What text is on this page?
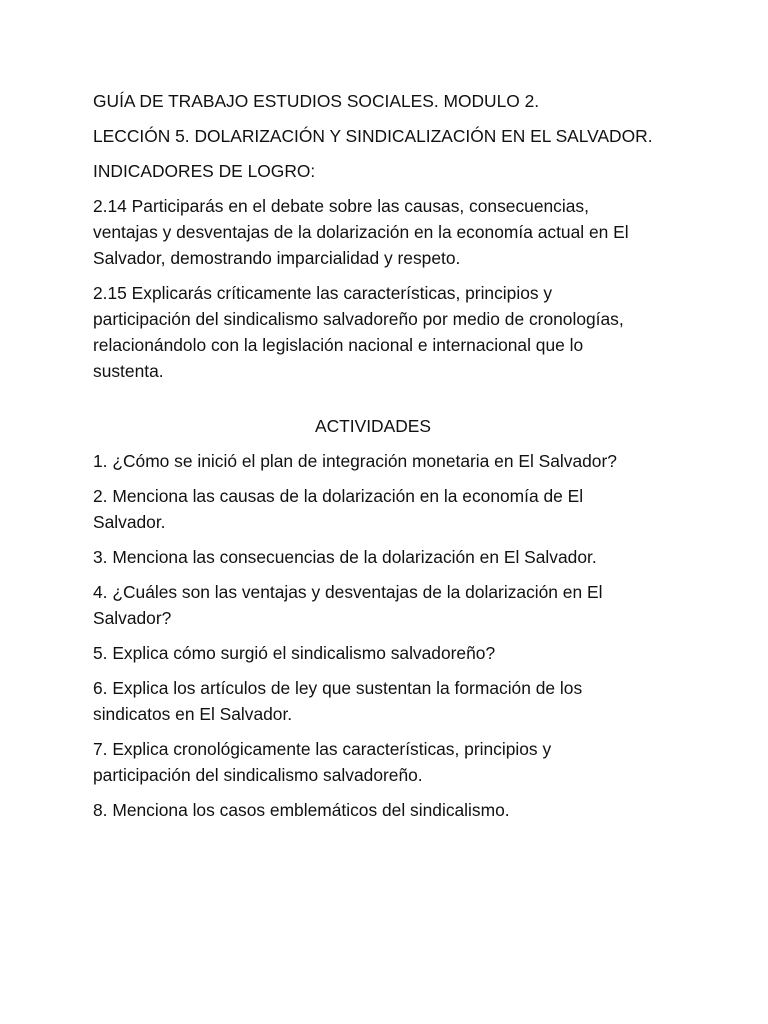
GUÍA DE TRABAJO ESTUDIOS SOCIALES. MODULO 2.

LECCIÓN 5. DOLARIZACIÓN Y SINDICALIZACIÓN EN EL SALVADOR.

INDICADORES DE LOGRO:

2.14 Participarás en el debate sobre las causas, consecuencias,
ventajas y desventajas de la dolarización en la economía actual en El
Salvador, demostrando imparcialidad y respeto.

2.15 Explicarás críticamente las características, principios y
participación del sindicalismo salvadoreño por medio de cronologías,
relacionándolo con la legislación nacional e internacional que lo
sustenta.

ACTIVIDADES

1. ¿Cómo se inició el plan de integración monetaria en El Salvador?

2. Menciona las causas de la dolarización en la economía de El
Salvador.

3. Menciona las consecuencias de la dolarización en El Salvador.

4. ¿Cuáles son las ventajas y desventajas de la dolarización en El
Salvador?

5. Explica cómo surgió el sindicalismo salvadoreño?

6. Explica los artículos de ley que sustentan la formación de los
sindicatos en El Salvador.

7. Explica cronológicamente las características, principios y
participación del sindicalismo salvadoreño.

8. Menciona los casos emblemáticos del sindicalismo.
